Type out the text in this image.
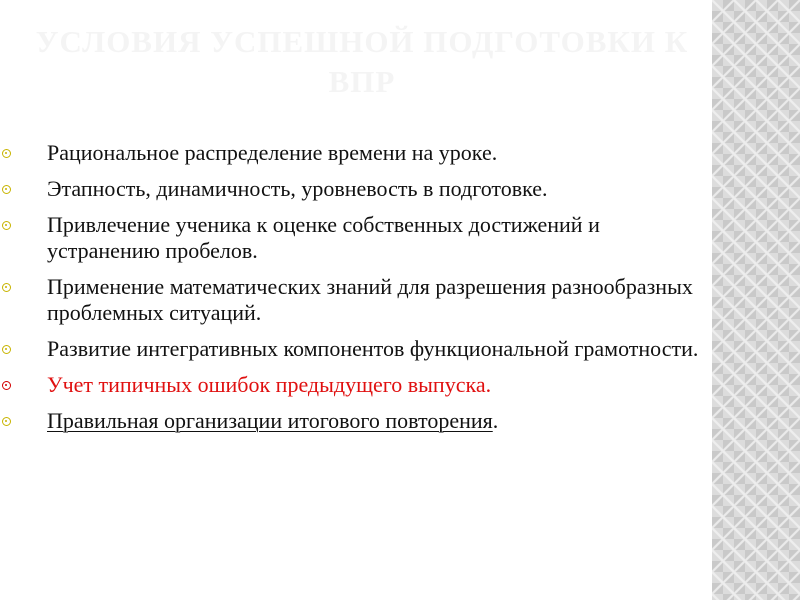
УСЛОВИЯ УСПЕШНОЙ ПОДГОТОВКИ К ВПР
Рациональное распределение времени на уроке.
Этапность, динамичность, уровневость в подготовке.
Привлечение ученика к оценке собственных достижений и устранению пробелов.
Применение математических знаний для разрешения разнообразных проблемных ситуаций.
Развитие интегративных компонентов функциональной грамотности.
Учет типичных ошибок предыдущего выпуска.
Правильная организации итогового повторения.
